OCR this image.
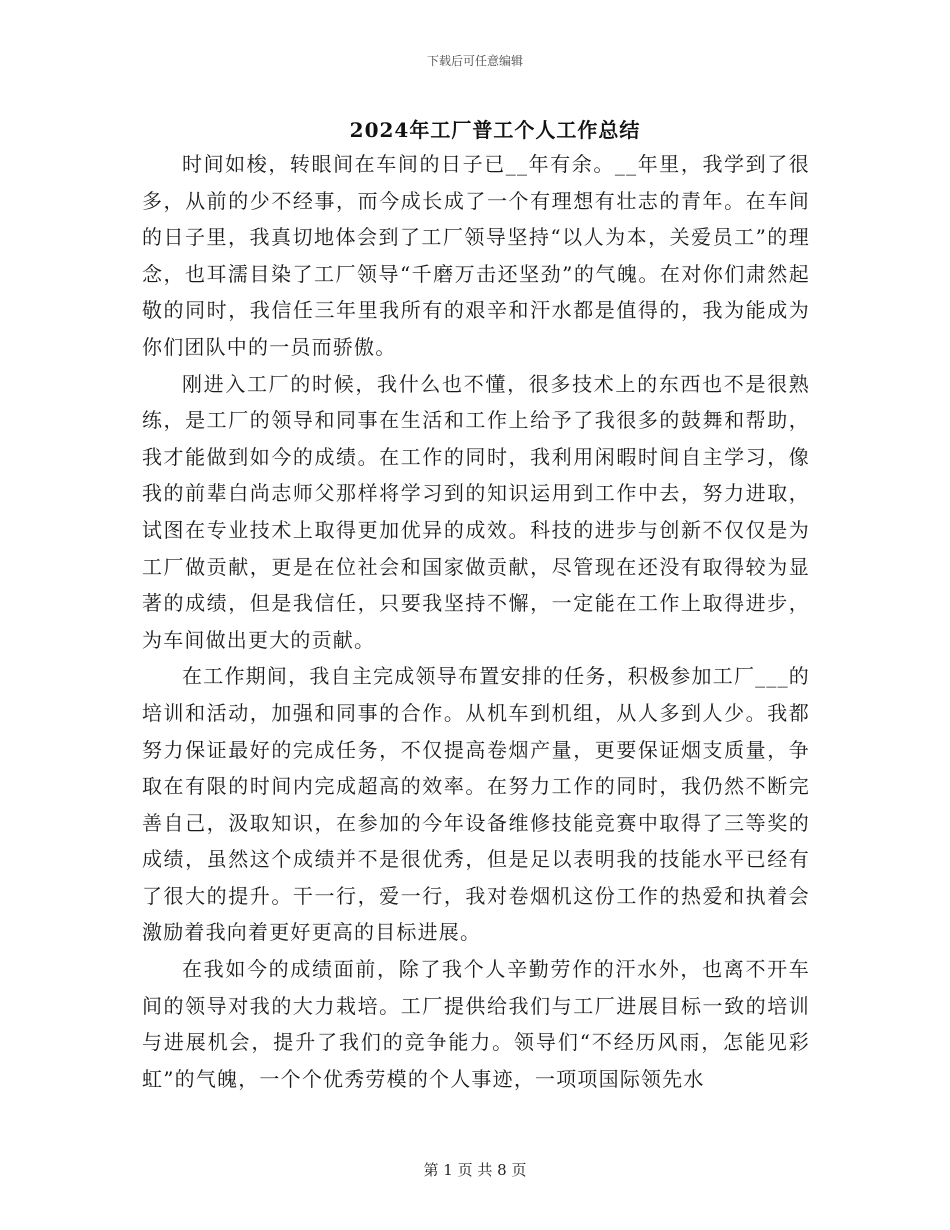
下载后可任意编辑
2024年工厂普工个人工作总结

时间如梭，转眼间在车间的日子已__年有余。__年里，我学到了很多，从前的少不经事，而今成长成了一个有理想有壮志的青年。在车间的日子里，我真切地体会到了工厂领导坚持“以人为本，关爱员工”的理念，也耳濡目染了工厂领导“千磨万击还坚劲”的气魄。在对你们肃然起敬的同时，我信任三年里我所有的艰辛和汗水都是值得的，我为能成为你们团队中的一员而骄傲。

刚进入工厂的时候，我什么也不懂，很多技术上的东西也不是很熟练，是工厂的领导和同事在生活和工作上给予了我很多的鼓舞和帮助，我才能做到如今的成绩。在工作的同时，我利用闲暇时间自主学习，像我的前辈白尚志师父那样将学习到的知识运用到工作中去，努力进取，试图在专业技术上取得更加优异的成效。科技的进步与创新不仅仅是为工厂做贡献，更是在位社会和国家做贡献，尽管现在还没有取得较为显著的成绩，但是我信任，只要我坚持不懈，一定能在工作上取得进步，为车间做出更大的贡献。

在工作期间，我自主完成领导布置安排的任务，积极参加工厂___的培训和活动，加强和同事的合作。从机车到机组，从人多到人少。我都努力保证最好的完成任务，不仅提高卷烟产量，更要保证烟支质量，争取在有限的时间内完成超高的效率。在努力工作的同时，我仍然不断完善自己，汲取知识，在参加的今年设备维修技能竞赛中取得了三等奖的成绩，虽然这个成绩并不是很优秀，但是足以表明我的技能水平已经有了很大的提升。干一行，爱一行，我对卷烟机这份工作的热爱和执着会激励着我向着更好更高的目标进展。

在我如今的成绩面前，除了我个人辛勤劳作的汗水外，也离不开车间的领导对我的大力栽培。工厂提供给我们与工厂进展目标一致的培训与进展机会，提升了我们的竞争能力。领导们“不经历风雨，怎能见彩虹”的气魄，一个个优秀劳模的个人事迹，一项项国际领先水

第 1 页 共 8 页
